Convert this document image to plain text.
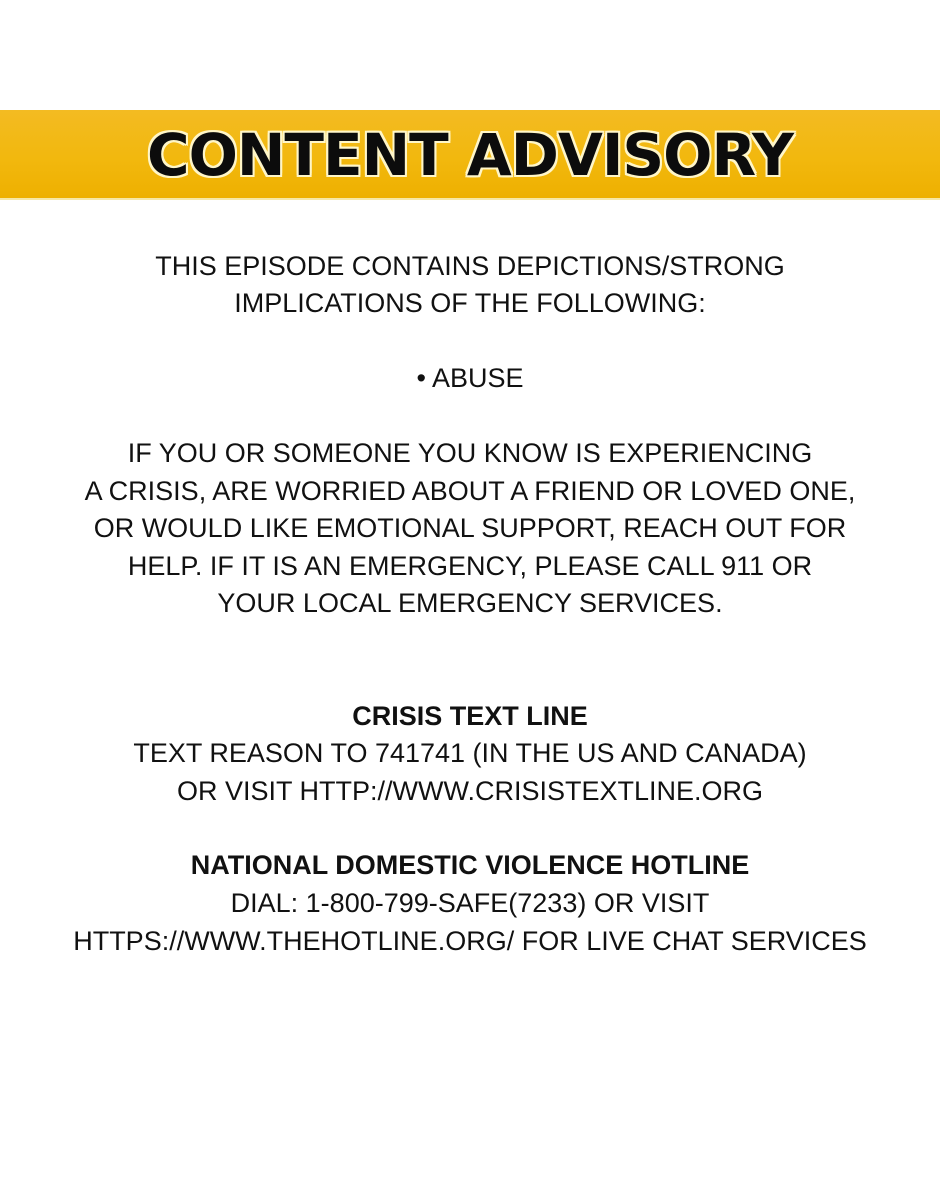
CONTENT ADVISORY
THIS EPISODE CONTAINS DEPICTIONS/STRONG
IMPLICATIONS OF THE FOLLOWING:
• ABUSE
IF YOU OR SOMEONE YOU KNOW IS EXPERIENCING
A CRISIS, ARE WORRIED ABOUT A FRIEND OR LOVED ONE,
OR WOULD LIKE EMOTIONAL SUPPORT, REACH OUT FOR
HELP. IF IT IS AN EMERGENCY, PLEASE CALL 911 OR
YOUR LOCAL EMERGENCY SERVICES.
CRISIS TEXT LINE
TEXT REASON TO 741741 (IN THE US AND CANADA)
OR VISIT HTTP://WWW.CRISISTEXTLINE.ORG
NATIONAL DOMESTIC VIOLENCE HOTLINE
DIAL: 1-800-799-SAFE(7233) OR VISIT
HTTPS://WWW.THEHOTLINE.ORG/ FOR LIVE CHAT SERVICES
